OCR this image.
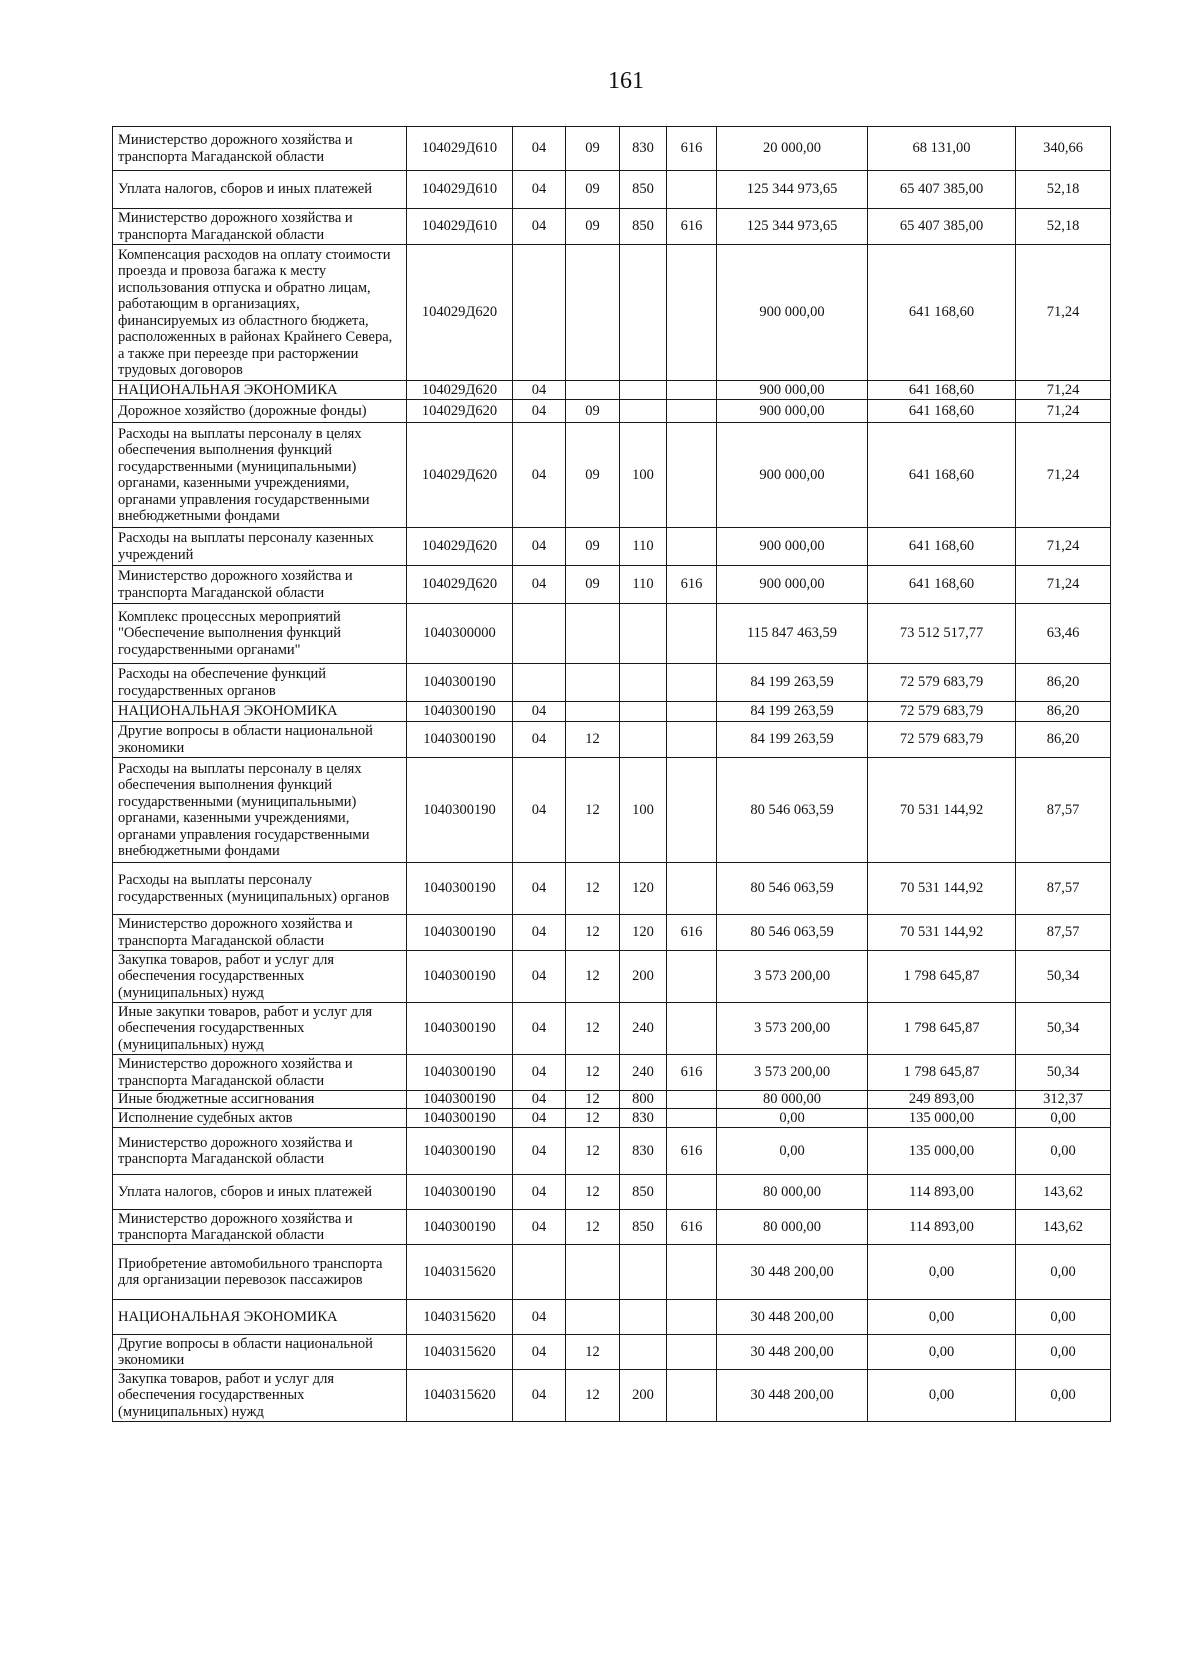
161
Министерство дорожного хозяйства и транспорта Магаданской области	104029Д610	04	09	830	616	20 000,00	68 131,00	340,66
Уплата налогов, сборов и иных платежей	104029Д610	04	09	850		125 344 973,65	65 407 385,00	52,18
Министерство дорожного хозяйства и транспорта Магаданской области	104029Д610	04	09	850	616	125 344 973,65	65 407 385,00	52,18
Компенсация расходов на оплату стоимости проезда и провоза багажа к месту использования отпуска и обратно лицам, работающим в организациях, финансируемых из областного бюджета, расположенных в районах Крайнего Севера, а также при переезде при расторжении трудовых договоров	104029Д620					900 000,00	641 168,60	71,24
НАЦИОНАЛЬНАЯ ЭКОНОМИКА	104029Д620	04				900 000,00	641 168,60	71,24
Дорожное хозяйство (дорожные фонды)	104029Д620	04	09			900 000,00	641 168,60	71,24
Расходы на выплаты персоналу в целях обеспечения выполнения функций государственными (муниципальными) органами, казенными учреждениями, органами управления государственными внебюджетными фондами	104029Д620	04	09	100		900 000,00	641 168,60	71,24
Расходы на выплаты персоналу казенных учреждений	104029Д620	04	09	110		900 000,00	641 168,60	71,24
Министерство дорожного хозяйства и транспорта Магаданской области	104029Д620	04	09	110	616	900 000,00	641 168,60	71,24
Комплекс процессных мероприятий "Обеспечение выполнения функций государственными органами"	1040300000					115 847 463,59	73 512 517,77	63,46
Расходы на обеспечение функций государственных органов	1040300190					84 199 263,59	72 579 683,79	86,20
НАЦИОНАЛЬНАЯ ЭКОНОМИКА	1040300190	04				84 199 263,59	72 579 683,79	86,20
Другие вопросы в области национальной экономики	1040300190	04	12			84 199 263,59	72 579 683,79	86,20
Расходы на выплаты персоналу в целях обеспечения выполнения функций государственными (муниципальными) органами, казенными учреждениями, органами управления государственными внебюджетными фондами	1040300190	04	12	100		80 546 063,59	70 531 144,92	87,57
Расходы на выплаты персоналу государственных (муниципальных) органов	1040300190	04	12	120		80 546 063,59	70 531 144,92	87,57
Министерство дорожного хозяйства и транспорта Магаданской области	1040300190	04	12	120	616	80 546 063,59	70 531 144,92	87,57
Закупка товаров, работ и услуг для обеспечения государственных (муниципальных) нужд	1040300190	04	12	200		3 573 200,00	1 798 645,87	50,34
Иные закупки товаров, работ и услуг для обеспечения государственных (муниципальных) нужд	1040300190	04	12	240		3 573 200,00	1 798 645,87	50,34
Министерство дорожного хозяйства и транспорта Магаданской области	1040300190	04	12	240	616	3 573 200,00	1 798 645,87	50,34
Иные бюджетные ассигнования	1040300190	04	12	800		80 000,00	249 893,00	312,37
Исполнение судебных актов	1040300190	04	12	830		0,00	135 000,00	0,00
Министерство дорожного хозяйства и транспорта Магаданской области	1040300190	04	12	830	616	0,00	135 000,00	0,00
Уплата налогов, сборов и иных платежей	1040300190	04	12	850		80 000,00	114 893,00	143,62
Министерство дорожного хозяйства и транспорта Магаданской области	1040300190	04	12	850	616	80 000,00	114 893,00	143,62
Приобретение автомобильного транспорта для организации перевозок пассажиров	1040315620					30 448 200,00	0,00	0,00
НАЦИОНАЛЬНАЯ ЭКОНОМИКА	1040315620	04				30 448 200,00	0,00	0,00
Другие вопросы в области национальной экономики	1040315620	04	12			30 448 200,00	0,00	0,00
Закупка товаров, работ и услуг для обеспечения государственных (муниципальных) нужд	1040315620	04	12	200		30 448 200,00	0,00	0,00
